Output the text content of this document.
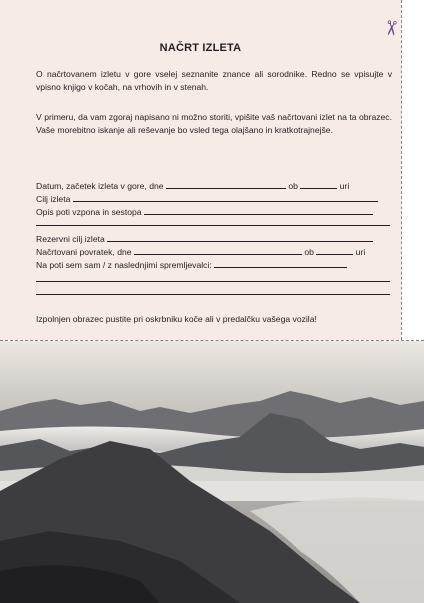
✂
NAČRT IZLETA

O načrtovanem izletu v gore vselej seznanite znance ali sorodnike. Redno se vpisujte v vpisno knjigo v kočah, na vrhovih in v stenah.

V primeru, da vam zgoraj napisano ni možno storiti, vpišite vaš načrtovani izlet na ta obrazec. Vaše morebitno iskanje ali reševanje bo vsled tega olajšano in kratkotrajnejše.

Datum, začetek izleta v gore, dne	ob	uri
Cilj izleta
Opis poti vzpona in sestopa
Rezervni cilj izleta
Načrtovani povratek, dne	ob	uri
Na poti sem sam / z naslednjimi spremljevalci:
Izpolnjen obrazec pustite pri oskrbniku koče ali v predalčku vašega vozila!
